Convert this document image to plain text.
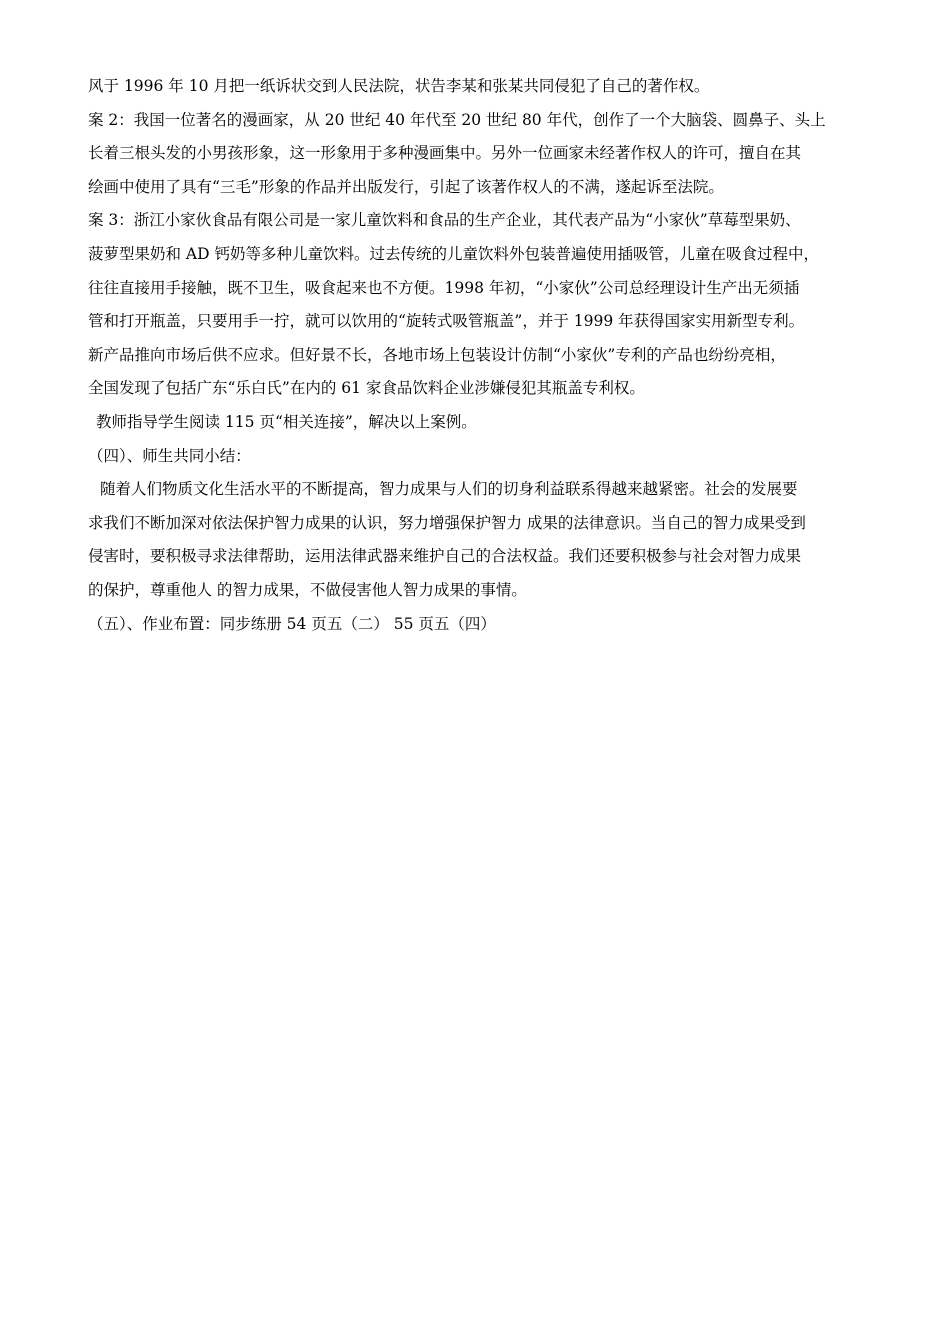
风于 1996 年 10 月把一纸诉状交到人民法院，状告李某和张某共同侵犯了自己的著作权。
案 2：我国一位著名的漫画家，从 20 世纪 40 年代至 20 世纪 80 年代，创作了一个大脑袋、圆鼻子、头上
长着三根头发的小男孩形象，这一形象用于多种漫画集中。另外一位画家未经著作权人的许可，擅自在其
绘画中使用了具有“三毛”形象的作品并出版发行，引起了该著作权人的不满，遂起诉至法院。
案 3：浙江小家伙食品有限公司是一家儿童饮料和食品的生产企业，其代表产品为“小家伙”草莓型果奶、
菠萝型果奶和 AD 钙奶等多种儿童饮料。过去传统的儿童饮料外包装普遍使用插吸管，儿童在吸食过程中，
往往直接用手接触，既不卫生，吸食起来也不方便。1998 年初，“小家伙”公司总经理设计生产出无须插
管和打开瓶盖，只要用手一拧，就可以饮用的“旋转式吸管瓶盖”，并于 1999 年获得国家实用新型专利。
新产品推向市场后供不应求。但好景不长，各地市场上包装设计仿制“小家伙”专利的产品也纷纷亮相，
全国发现了包括广东“乐白氏”在内的 61 家食品饮料企业涉嫌侵犯其瓶盖专利权。
教师指导学生阅读 115 页“相关连接”，解决以上案例。
（四）、师生共同小结：
随着人们物质文化生活水平的不断提高，智力成果与人们的切身利益联系得越来越紧密。社会的发展要
求我们不断加深对依法保护智力成果的认识，努力增强保护智力 成果的法律意识。当自己的智力成果受到
侵害时，要积极寻求法律帮助，运用法律武器来维护自己的合法权益。我们还要积极参与社会对智力成果
的保护，尊重他人 的智力成果，不做侵害他人智力成果的事情。
（五）、作业布置：同步练册 54 页五（二） 55 页五（四）
